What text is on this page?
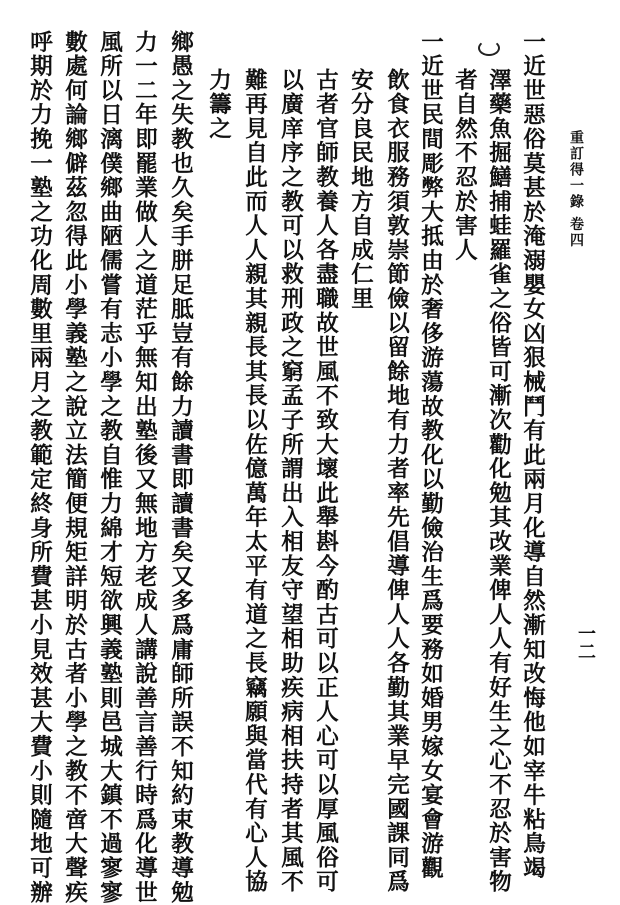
重訂得一錄 卷四
一二
一近世惡俗莫甚於淹溺嬰女凶狠械鬥有此兩月化導自然漸知改悔他如宰牛粘鳥竭
澤藥魚掘鱔捕蛙羅雀之俗皆可漸次勸化勉其改業俾人人有好生之心不忍於害物
者自然不忍於害人
一近世民間彫弊大抵由於奢侈游蕩故教化以勤儉治生爲要務如婚男嫁女宴會游觀
飲食衣服務須敦崇節儉以留餘地有力者率先倡導俾人人各勤其業早完國課同爲
安分良民地方自成仁里
古者官師教養人各盡職故世風不致大壞此舉斟今酌古可以正人心可以厚風俗可
以廣庠序之教可以救刑政之窮孟子所謂出入相友守望相助疾病相扶持者其風不
難再見自此而人人親其親長其長以佐億萬年太平有道之長竊願與當代有心人協
力籌之
鄉愚之失教也久矣手胼足胝豈有餘力讀書即讀書矣又多爲庸師所誤不知約束教導勉
力一二年即罷業做人之道茫乎無知出塾後又無地方老成人講說善言善行時爲化導世
風所以日漓僕鄉曲陋儒嘗有志小學之教自惟力綿才短欲興義塾則邑城大鎮不過寥寥
數處何論鄉僻茲忽得此小學義塾之說立法簡便規矩詳明於古者小學之教不啻大聲疾
呼期於力挽一塾之功化周數里兩月之教範定終身所費甚小見效甚大費小則隨地可辦
